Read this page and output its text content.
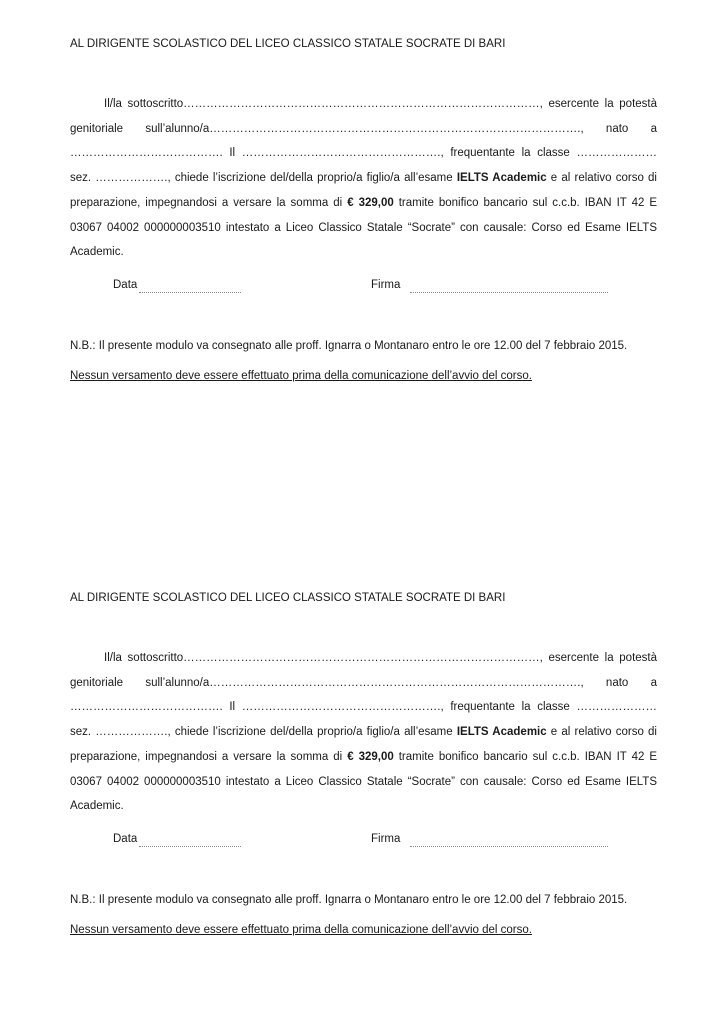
AL DIRIGENTE SCOLASTICO DEL LICEO CLASSICO STATALE SOCRATE DI BARI

Il/la sottoscritto…………………………………………………………………………………, esercente la potestà genitoriale sull’alunno/a……………………………………………………………………………………., nato a …………………………………. Il ……………………………………………., frequentante la classe ………………… sez. ………………., chiede l’iscrizione del/della proprio/a figlio/a all’esame IELTS Academic e al relativo corso di preparazione, impegnandosi a versare la somma di € 329,00 tramite bonifico bancario sul c.c.b. IBAN IT 42 E 03067 04002 000000003510 intestato a Liceo Classico Statale “Socrate” con causale: Corso ed Esame IELTS Academic.

Data	Firma

N.B.: Il presente modulo va consegnato alle proff. Ignarra o Montanaro entro le ore 12.00 del 7 febbraio 2015.

Nessun versamento deve essere effettuato prima della comunicazione dell’avvio del corso.

AL DIRIGENTE SCOLASTICO DEL LICEO CLASSICO STATALE SOCRATE DI BARI

Il/la sottoscritto…………………………………………………………………………………, esercente la potestà genitoriale sull’alunno/a……………………………………………………………………………………., nato a …………………………………. Il ……………………………………………., frequentante la classe ………………… sez. ………………., chiede l’iscrizione del/della proprio/a figlio/a all’esame IELTS Academic e al relativo corso di preparazione, impegnandosi a versare la somma di € 329,00 tramite bonifico bancario sul c.c.b. IBAN IT 42 E 03067 04002 000000003510 intestato a Liceo Classico Statale “Socrate” con causale: Corso ed Esame IELTS Academic.

Data	Firma

N.B.: Il presente modulo va consegnato alle proff. Ignarra o Montanaro entro le ore 12.00 del 7 febbraio 2015.

Nessun versamento deve essere effettuato prima della comunicazione dell’avvio del corso.
